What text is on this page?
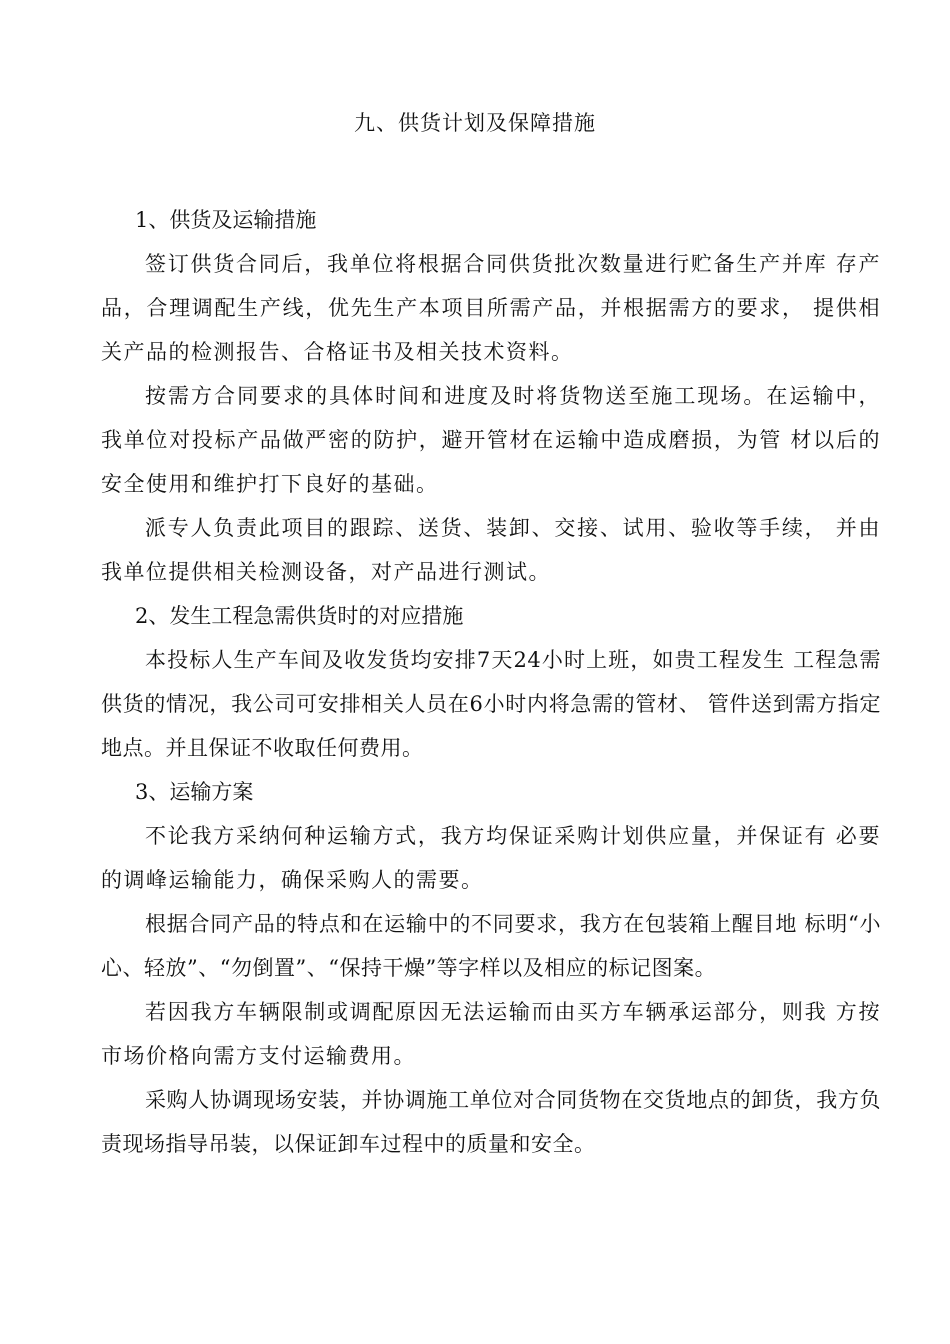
九、供货计划及保障措施
1、供货及运输措施

签订供货合同后，我单位将根据合同供货批次数量进行贮备生产并库 存产品，合理调配生产线，优先生产本项目所需产品，并根据需方的要求， 提供相关产品的检测报告、合格证书及相关技术资料。

按需方合同要求的具体时间和进度及时将货物送至施工现场。在运输中，我单位对投标产品做严密的防护，避开管材在运输中造成磨损，为管 材以后的安全使用和维护打下良好的基础。

派专人负责此项目的跟踪、送货、装卸、交接、试用、验收等手续， 并由我单位提供相关检测设备，对产品进行测试。

2、发生工程急需供货时的对应措施

本投标人生产车间及收发货均安排7天24小时上班，如贵工程发生 工程急需供货的情况，我公司可安排相关人员在6小时内将急需的管材、 管件送到需方指定地点。并且保证不收取任何费用。

3、运输方案

不论我方采纳何种运输方式，我方均保证采购计划供应量，并保证有 必要的调峰运输能力，确保采购人的需要。

根据合同产品的特点和在运输中的不同要求，我方在包装箱上醒目地 标明“小心、轻放”、“勿倒置”、“保持干燥”等字样以及相应的标记图案。

若因我方车辆限制或调配原因无法运输而由买方车辆承运部分，则我 方按市场价格向需方支付运输费用。

采购人协调现场安装，并协调施工单位对合同货物在交货地点的卸货，我方负责现场指导吊装，以保证卸车过程中的质量和安全。
